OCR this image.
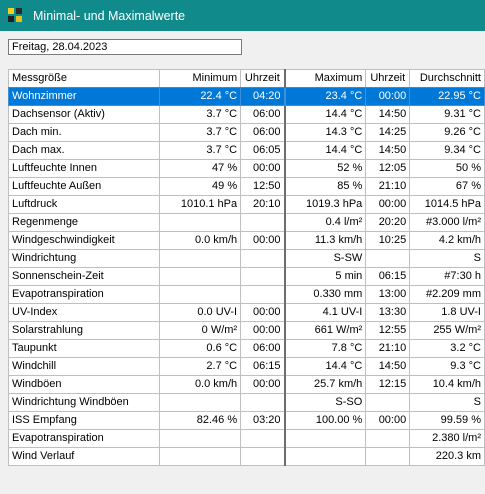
Minimal- und Maximalwerte
Freitag, 28.04.2023
Messgröße	Minimum	Uhrzeit	Maximum	Uhrzeit	Durchschnitt
Wohnzimmer	22.4 °C	04:20	23.4 °C	00:00	22.95 °C
Dachsensor (Aktiv)	3.7 °C	06:00	14.4 °C	14:50	9.31 °C
Dach min.	3.7 °C	06:00	14.3 °C	14:25	9.26 °C
Dach max.	3.7 °C	06:05	14.4 °C	14:50	9.34 °C
Luftfeuchte Innen	47 %	00:00	52 %	12:05	50 %
Luftfeuchte Außen	49 %	12:50	85 %	21:10	67 %
Luftdruck	1010.1 hPa	20:10	1019.3 hPa	00:00	1014.5 hPa
Regenmenge			0.4 l/m²	20:20	#3.000 l/m²
Windgeschwindigkeit	0.0 km/h	00:00	11.3 km/h	10:25	4.2 km/h
Windrichtung			S-SW		S
Sonnenschein-Zeit			5 min	06:15	#7:30 h
Evapotranspiration			0.330 mm	13:00	#2.209 mm
UV-Index	0.0 UV-I	00:00	4.1 UV-I	13:30	1.8 UV-I
Solarstrahlung	0 W/m²	00:00	661 W/m²	12:55	255 W/m²
Taupunkt	0.6 °C	06:00	7.8 °C	21:10	3.2 °C
Windchill	2.7 °C	06:15	14.4 °C	14:50	9.3 °C
Windböen	0.0 km/h	00:00	25.7 km/h	12:15	10.4 km/h
Windrichtung Windböen			S-SO		S
ISS Empfang	82.46 %	03:20	100.00 %	00:00	99.59 %
Evapotranspiration					2.380 l/m²
Wind Verlauf					220.3 km
